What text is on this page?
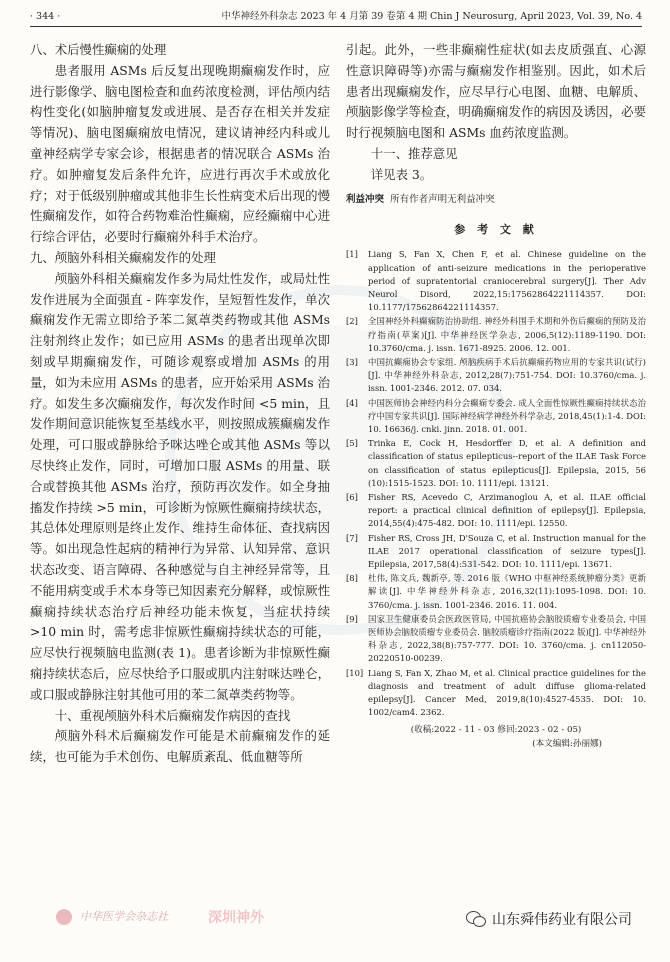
· 344 ·	中华神经外科杂志 2023 年 4 月第 39 卷第 4 期 Chin J Neurosurg, April 2023, Vol. 39, No. 4
八、术后慢性癫痫的处理

患者服用 ASMs 后反复出现晚期癫痫发作时，应进行影像学、脑电图检查和血药浓度检测，评估颅内结构性变化(如脑肿瘤复发或进展、是否存在相关并发症等情况)、脑电图癫痫放电情况，建议请神经内科或儿童神经病学专家会诊，根据患者的情况联合 ASMs 治疗。如肿瘤复发后条件允许，应进行再次手术或放化疗；对于低级别肿瘤或其他非生长性病变术后出现的慢性癫痫发作，如符合药物难治性癫痫，应经癫痫中心进行综合评估，必要时行癫痫外科手术治疗。

九、颅脑外科相关癫痫发作的处理

颅脑外科相关癫痫发作多为局灶性发作，或局灶性发作进展为全面强直 - 阵挛发作，呈短暂性发作，单次癫痫发作无需立即给予苯二氮䓬类药物或其他 ASMs 注射剂终止发作；如已应用 ASMs 的患者出现单次即刻或早期癫痫发作，可随诊观察或增加 ASMs 的用量，如为未应用 ASMs 的患者，应开始采用 ASMs 治疗。如发生多次癫痫发作，每次发作时间 <5 min，且发作期间意识能恢复至基线水平，则按照成簇癫痫发作处理，可口服或静脉给予咪达唑仑或其他 ASMs 等以尽快终止发作，同时，可增加口服 ASMs 的用量、联合或替换其他 ASMs 治疗，预防再次发作。如全身抽搐发作持续 >5 min，可诊断为惊厥性癫痫持续状态，其总体处理原则是终止发作、维持生命体征、查找病因等。如出现急性起病的精神行为异常、认知异常、意识状态改变、语言障碍、各种感觉与自主神经异常等，且不能用病变或手术本身等已知因素充分解释，或惊厥性癫痫持续状态治疗后神经功能未恢复，当症状持续 >10 min 时，需考虑非惊厥性癫痫持续状态的可能，应尽快行视频脑电监测(表 1)。患者诊断为非惊厥性癫痫持续状态后，应尽快给予口服或肌内注射咪达唑仑，或口服或静脉注射其他可用的苯二氮䓬类药物等。

十、重视颅脑外科术后癫痫发作病因的查找

颅脑外科术后癫痫发作可能是术前癫痫发作的延续，也可能为手术创伤、电解质紊乱、低血糖等所

引起。此外，一些非癫痫性症状(如去皮质强直、心源性意识障碍等)亦需与癫痫发作相鉴别。因此，如术后患者出现癫痫发作，应尽早行心电图、血糖、电解质、颅脑影像学等检查，明确癫痫发作的病因及诱因，必要时行视频脑电图和 ASMs 血药浓度监测。

十一、推荐意见

详见表 3。

利益冲突 所有作者声明无利益冲突

参 考 文 献
[1]	Liang S, Fan X, Chen F, et al. Chinese guideline on the application of anti-seizure medications in the perioperative period of supratentorial craniocerebral surgery[J]. Ther Adv Neurol Disord, 2022,15:17562864221114357. DOI: 10.1177/17562864221114357.
[2]	全国神经外科癫痫防治协助组. 神经外科围手术期和外伤后癫痫的预防及治疗指南(草案)[J]. 中华神经医学杂志, 2006,5(12):1189-1190. DOI: 10.3760/cma. j. issn. 1671-8925. 2006. 12. 001.
[3]	中国抗癫痫协会专家组. 颅脑疾病手术后抗癫痫药物应用的专家共识(试行)[J]. 中华神经外科杂志, 2012,28(7):751-754. DOI: 10.3760/cma. j. issn. 1001-2346. 2012. 07. 034.
[4]	中国医师协会神经内科分会癫痫专委会. 成人全面性惊厥性癫痫持续状态治疗中国专家共识[J]. 国际神经病学神经外科学杂志, 2018,45(1):1-4. DOI: 10. 16636/j. cnki. jinn. 2018. 01. 001.
[5]	Trinka E, Cock H, Hesdorffer D, et al. A definition and classification of status epilepticus--report of the ILAE Task Force on classification of status epilepticus[J]. Epilepsia, 2015, 56 (10):1515-1523. DOI: 10. 1111/epi. 13121.
[6]	Fisher RS, Acevedo C, Arzimanoglou A, et al. ILAE official report: a practical clinical definition of epilepsy[J]. Epilepsia, 2014,55(4):475-482. DOI: 10. 1111/epi. 12550.
[7]	Fisher RS, Cross JH, D'Souza C, et al. Instruction manual for the ILAE 2017 operational classification of seizure types[J]. Epilepsia, 2017,58(4):531-542. DOI: 10. 1111/epi. 13671.
[8]	杜伟, 陈文兵, 魏新亭, 等. 2016 版《WHO 中枢神经系统肿瘤分类》更新解读[J]. 中华神经外科杂志, 2016,32(11):1095-1098. DOI: 10. 3760/cma. j. issn. 1001-2346. 2016. 11. 004.
[9]	国家卫生健康委员会医政医管局, 中国抗癌协会脑胶质瘤专业委员会, 中国医师协会脑胶质瘤专业委员会. 脑胶质瘤诊疗指南(2022 版)[J]. 中华神经外科杂志, 2022,38(8):757-777. DOI: 10. 3760/cma. j. cn112050-20220510-00239.
[10] Liang S, Fan X, Zhao M, et al. Clinical practice guidelines for the diagnosis and treatment of adult diffuse glioma-related epilepsy[J]. Cancer Med, 2019,8(10):4527-4535. DOI: 10. 1002/cam4. 2362.
(收稿:2022 - 11 - 03 修回:2023 - 02 - 05)
(本文编辑:孙丽娜)
中华医学会杂志社	深圳神外	山东舜伟药业有限公司
